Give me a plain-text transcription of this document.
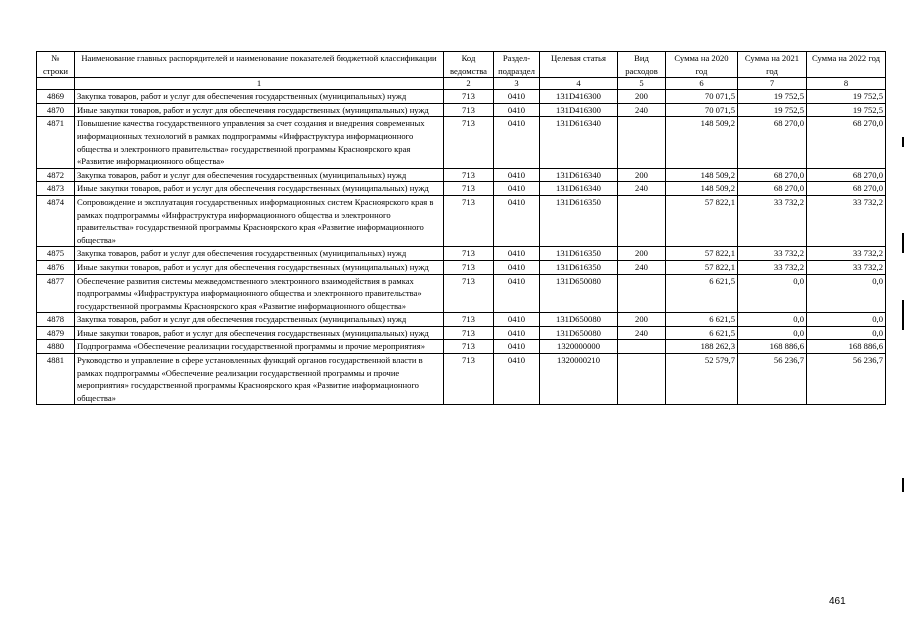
№ строки	Наименование главных распорядителей и наименование показателей бюджетной классификации	Код ведомства	Раздел-подраздел	Целевая статья	Вид расходов	Сумма на 2020 год	Сумма на 2021 год	Сумма на 2022 год
	1	2	3	4	5	6	7	8
4869	Закупка товаров, работ и услуг для обеспечения государственных (муниципальных) нужд	713	0410	131D416300	200	70 071,5	19 752,5	19 752,5
4870	Иные закупки товаров, работ и услуг для обеспечения государственных (муниципальных) нужд	713	0410	131D416300	240	70 071,5	19 752,5	19 752,5
4871	Повышение качества государственного управления за счет создания и внедрения современных информационных технологий в рамках подпрограммы «Инфраструктура информационного общества и электронного правительства» государственной программы Красноярского края «Развитие информационного общества»	713	0410	131D616340		148 509,2	68 270,0	68 270,0
4872	Закупка товаров, работ и услуг для обеспечения государственных (муниципальных) нужд	713	0410	131D616340	200	148 509,2	68 270,0	68 270,0
4873	Иные закупки товаров, работ и услуг для обеспечения государственных (муниципальных) нужд	713	0410	131D616340	240	148 509,2	68 270,0	68 270,0
4874	Сопровождение и эксплуатация государственных информационных систем Красноярского края в рамках подпрограммы «Инфраструктура информационного общества и электронного правительства» государственной программы Красноярского края «Развитие информационного общества»	713	0410	131D616350		57 822,1	33 732,2	33 732,2
4875	Закупка товаров, работ и услуг для обеспечения государственных (муниципальных) нужд	713	0410	131D616350	200	57 822,1	33 732,2	33 732,2
4876	Иные закупки товаров, работ и услуг для обеспечения государственных (муниципальных) нужд	713	0410	131D616350	240	57 822,1	33 732,2	33 732,2
4877	Обеспечение развития системы межведомственного электронного взаимодействия в рамках подпрограммы «Инфраструктура информационного общества и электронного правительства» государственной программы Красноярского края «Развитие информационного общества»	713	0410	131D650080		6 621,5	0,0	0,0
4878	Закупка товаров, работ и услуг для обеспечения государственных (муниципальных) нужд	713	0410	131D650080	200	6 621,5	0,0	0,0
4879	Иные закупки товаров, работ и услуг для обеспечения государственных (муниципальных) нужд	713	0410	131D650080	240	6 621,5	0,0	0,0
4880	Подпрограмма «Обеспечение реализации государственной программы и прочие мероприятия»	713	0410	1320000000		188 262,3	168 886,6	168 886,6
4881	Руководство и управление в сфере установленных функций органов государственной власти в рамках подпрограммы «Обеспечение реализации государственной программы и прочие мероприятия» государственной программы Красноярского края «Развитие информационного общества»	713	0410	1320000210		52 579,7	56 236,7	56 236,7
461
